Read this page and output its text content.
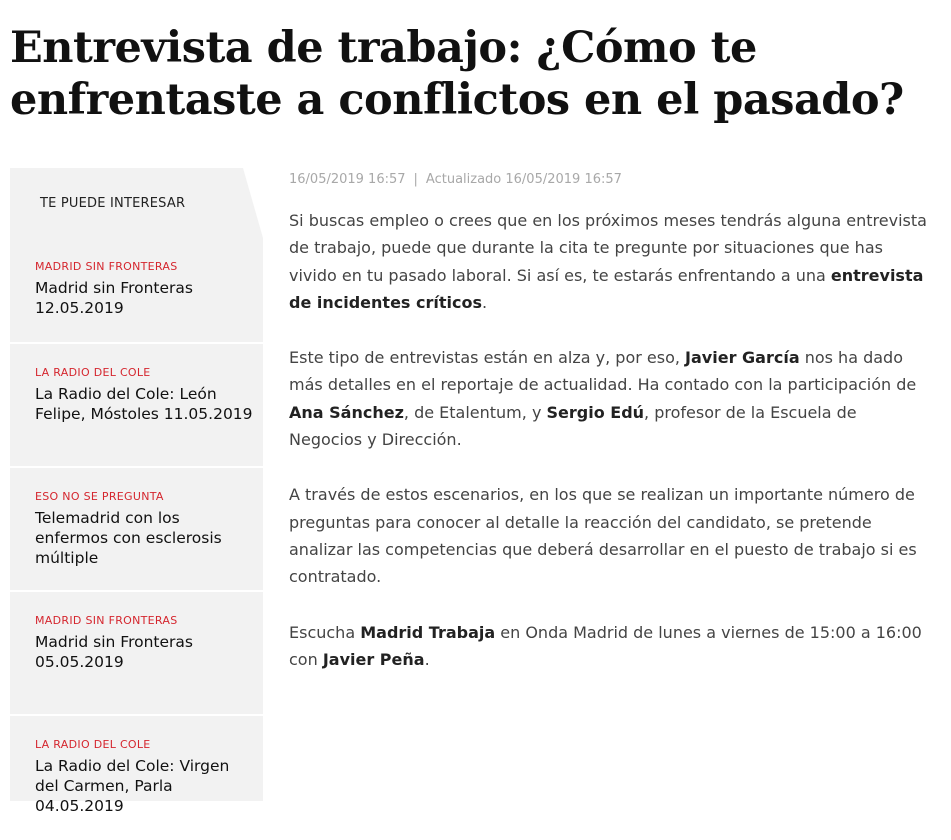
Entrevista de trabajo: ¿Cómo te enfrentaste a conflictos en el pasado?
TE PUEDE INTERESAR
MADRID SIN FRONTERAS
Madrid sin Fronteras 12.05.2019
LA RADIO DEL COLE
La Radio del Cole: León Felipe, Móstoles 11.05.2019
ESO NO SE PREGUNTA
Telemadrid con los enfermos con esclerosis múltiple
MADRID SIN FRONTERAS
Madrid sin Fronteras 05.05.2019
LA RADIO DEL COLE
La Radio del Cole: Virgen del Carmen, Parla 04.05.2019
16/05/2019 16:57 | Actualizado 16/05/2019 16:57

Si buscas empleo o crees que en los próximos meses tendrás alguna entrevista de trabajo, puede que durante la cita te pregunte por situaciones que has vivido en tu pasado laboral. Si así es, te estarás enfrentando a una entrevista de incidentes críticos.

Este tipo de entrevistas están en alza y, por eso, Javier García nos ha dado más detalles en el reportaje de actualidad. Ha contado con la participación de Ana Sánchez, de Etalentum, y Sergio Edú, profesor de la Escuela de Negocios y Dirección.

A través de estos escenarios, en los que se realizan un importante número de preguntas para conocer al detalle la reacción del candidato, se pretende analizar las competencias que deberá desarrollar en el puesto de trabajo si es contratado.

Escucha Madrid Trabaja en Onda Madrid de lunes a viernes de 15:00 a 16:00 con Javier Peña.
